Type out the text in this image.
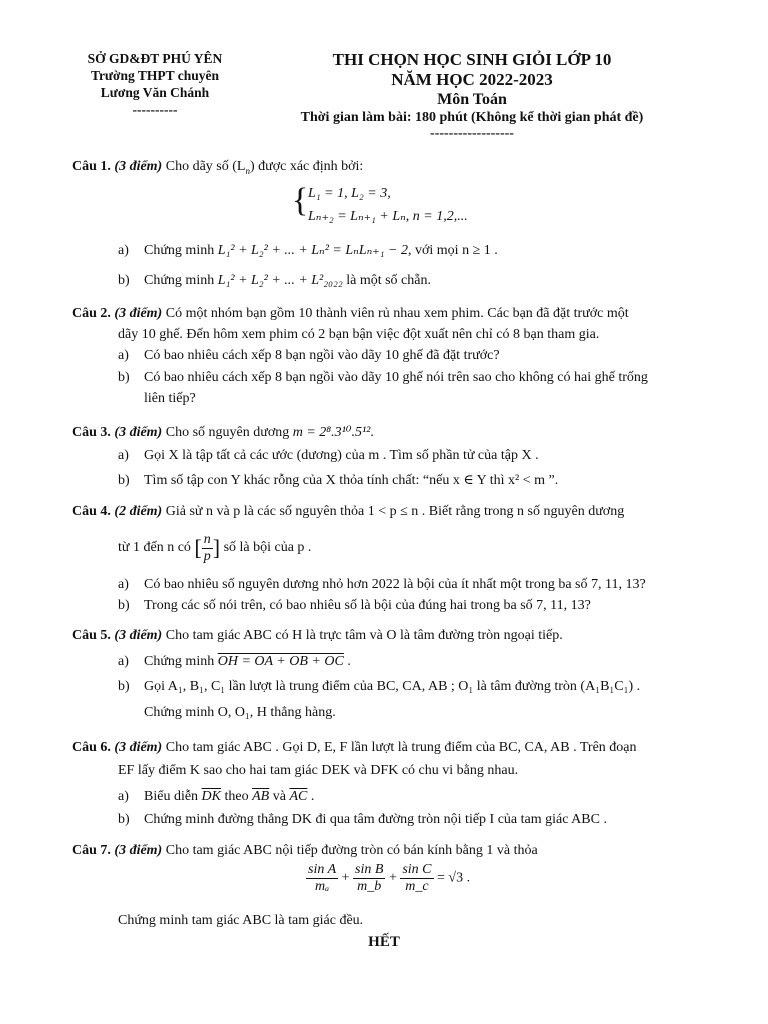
SỞ GD&ĐT PHÚ YÊN
Trường THPT chuyên
Lương Văn Chánh
----------
THI CHỌN HỌC SINH GIỎI LỚP 10
NĂM HỌC 2022-2023
Môn Toán
Thời gian làm bài: 180 phút (Không kể thời gian phát đề)
------------------
Câu 1. (3 điểm) Cho dãy số $(L_n)$ được xác định bởi:
{ L₁ = 1, L₂ = 3,
Lₙ₊₂ = Lₙ₊₁ + Lₙ, n = 1,2,...
a) Chứng minh L₁² + L₂² + ... + Lₙ² = LₙLₙ₊₁ − 2, với mọi n ≥ 1 .
b) Chứng minh L₁² + L₂² + ... + L²₂₀₂₂ là một số chẵn.
Câu 2. (3 điểm) Có một nhóm bạn gồm 10 thành viên rủ nhau xem phim. Các bạn đã đặt trước một
dãy 10 ghế. Đến hôm xem phim có 2 bạn bận việc đột xuất nên chỉ có 8 bạn tham gia.
a) Có bao nhiêu cách xếp 8 bạn ngồi vào dãy 10 ghế đã đặt trước?
b) Có bao nhiêu cách xếp 8 bạn ngồi vào dãy 10 ghế nói trên sao cho không có hai ghế trống
liên tiếp?
Câu 3. (3 điểm) Cho số nguyên dương m = 2⁸.3¹⁰.5¹².
a) Gọi X là tập tất cả các ước (dương) của m . Tìm số phần tử của tập X .
b) Tìm số tập con Y khác rỗng của X thỏa tính chất: “nếu x ∈ Y thì x² < m ”.
Câu 4. (2 điểm) Giả sử n và p là các số nguyên thỏa 1 < p ≤ n . Biết rằng trong n số nguyên dương
từ 1 đến n có [ $\frac{n}{p}$ ] số là bội của p .
a) Có bao nhiêu số nguyên dương nhỏ hơn 2022 là bội của ít nhất một trong ba số 7, 11, 13?
b) Trong các số nói trên, có bao nhiêu số là bội của đúng hai trong ba số 7, 11, 13?
Câu 5. (3 điểm) Cho tam giác ABC có H là trực tâm và O là tâm đường tròn ngoại tiếp.
a) Chứng minh OH = OA + OB + OC .
b) Gọi A₁, B₁, C₁ lần lượt là trung điểm của BC, CA, AB ; O₁ là tâm đường tròn (A₁B₁C₁) .
Chứng minh O, O₁, H thẳng hàng.
Câu 6. (3 điểm) Cho tam giác ABC . Gọi D, E, F lần lượt là trung điểm của BC, CA, AB . Trên đoạn
EF lấy điểm K sao cho hai tam giác DEK và DFK có chu vi bằng nhau.
a) Biểu diễn $\overline{DK}$ theo $\overline{AB}$ và $\overline{AC}$ .
b) Chứng minh đường thẳng DK đi qua tâm đường tròn nội tiếp I của tam giác ABC .
Câu 7. (3 điểm) Cho tam giác ABC nội tiếp đường tròn có bán kính bằng 1 và thỏa
$\frac{\text{sin A}}{\text{mₐ}} + \frac{\text{sin B}}{m\_b} + \frac{\text{sin C}}{m\_c} = √3$ .
Chứng minh tam giác ABC là tam giác đều.
HẾT
